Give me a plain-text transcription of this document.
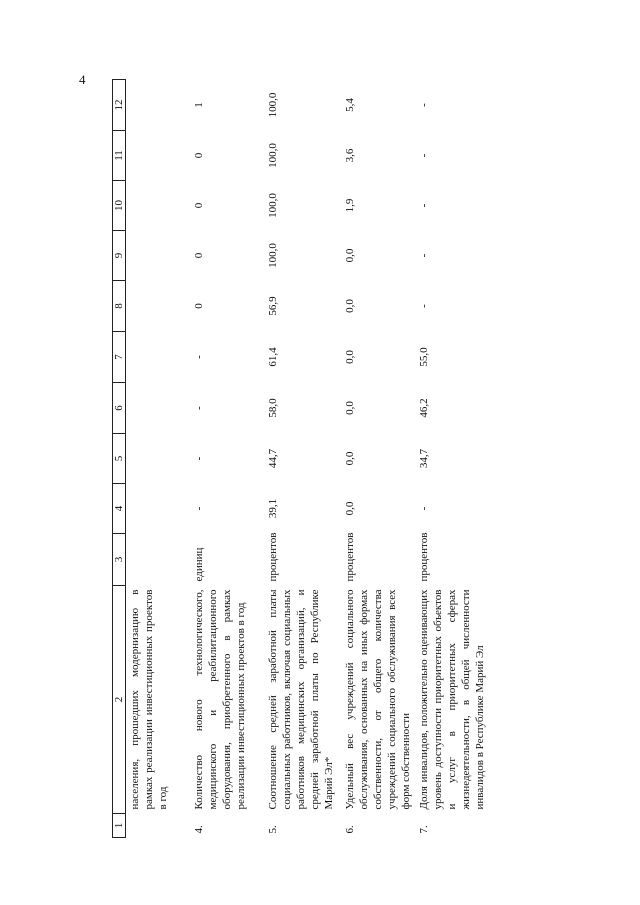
4
1	2	3	4	5	6	7	8	9	10	11	12
	населения, прошедших модернизацию в рамках реализации инвестиционных проектов в год										
4.	Количество нового технологического, медицинского и реабилитационного оборудования, приобретенного в рамках реализации инвестиционных проектов в год	единиц	-	-	-	-	0	0	0	0	1
5.	Соотношение средней заработной платы социальных работников, включая социальных работников медицинских организаций, и средней заработной платы по Республике Марий Эл*	процентов	39,1	44,7	58,0	61,4	56,9	100,0	100,0	100,0	100,0
6.	Удельный вес учреждений социального обслуживания, основанных на иных формах собственности, от общего количества учреждений социального обслуживания всех форм собственности	процентов	0,0	0,0	0,0	0,0	0,0	0,0	1,9	3,6	5,4
7.	Доля инвалидов, положительно оценивающих уровень доступности приоритетных объектов и услуг в приоритетных сферах жизнедеятельности, в общей численности инвалидов в Республике Марий Эл	процентов	-	34,7	46,2	55,0	-	-	-	-	-
